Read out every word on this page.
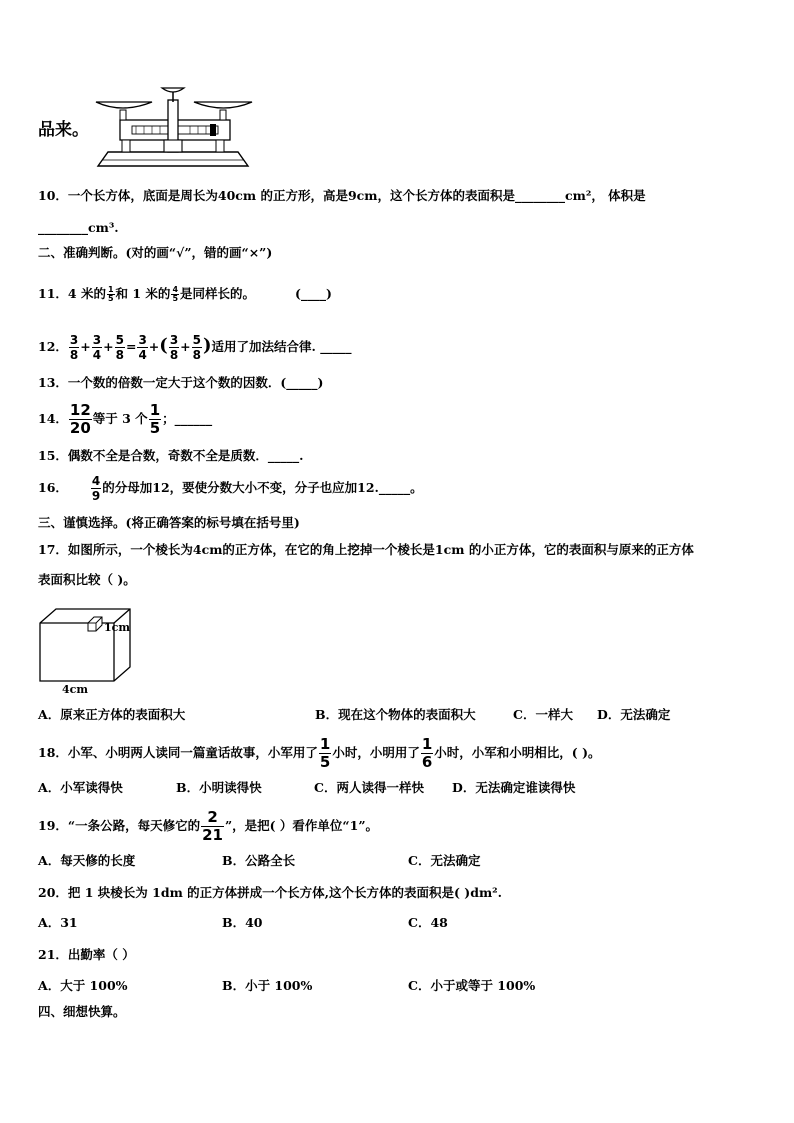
品来。
10．一个长方体，底面是周长为40cm 的正方形，高是9cm，这个长方体的表面积是________cm²， 体积是
________cm³.
二、准确判断。(对的画“√”，错的画“×”)
11．4 米的 $\frac{1}{5}$ 和 1 米的 $\frac{4}{5}$ 是同样长的。	(____)
12． $\frac{3}{8} + \frac{3}{4} + \frac{5}{8} = \frac{3}{4}$ +( $\frac{3}{8} + \frac{5}{8}$ )适用了加法结合律. _____
13．一个数的倍数一定大于这个数的因数．(_____)
14． $\frac{12}{20}$ 等于 3 个 $\frac{1}{5}$ ；______
15．偶数不全是合数，奇数不全是质数．_____.
16． $\frac{4}{9}$ 的分母加12，要使分数大小不变，分子也应加12._____。
三、谨慎选择。(将正确答案的标号填在括号里)
17．如图所示，一个棱长为4cm的正方体，在它的角上挖掉一个棱长是1cm 的小正方体，它的表面积与原来的正方体
表面积比较（ )。
1cm
4cm
A．原来正方体的表面积大	B．现在这个物体的表面积大	C．一样大 D．无法确定
18．小军、小明两人读同一篇童话故事，小军用了 $\frac{1}{5}$ 小时，小明用了 $\frac{1}{6}$ 小时，小军和小明相比，( )。
A．小军读得快	B．小明读得快	C．两人读得一样快 D．无法确定谁读得快
19．“一条公路，每天修它的 $\frac{2}{21}$ ”，是把( ）看作单位“1”。
A．每天修的长度	B．公路全长	C．无法确定
20．把 1 块棱长为 1dm 的正方体拼成一个长方体,这个长方体的表面积是( )dm².
A．31	B．40	C．48
21．出勤率（ ）
A．大于 100%	B．小于 100%	C．小于或等于 100%
四、细想快算。
